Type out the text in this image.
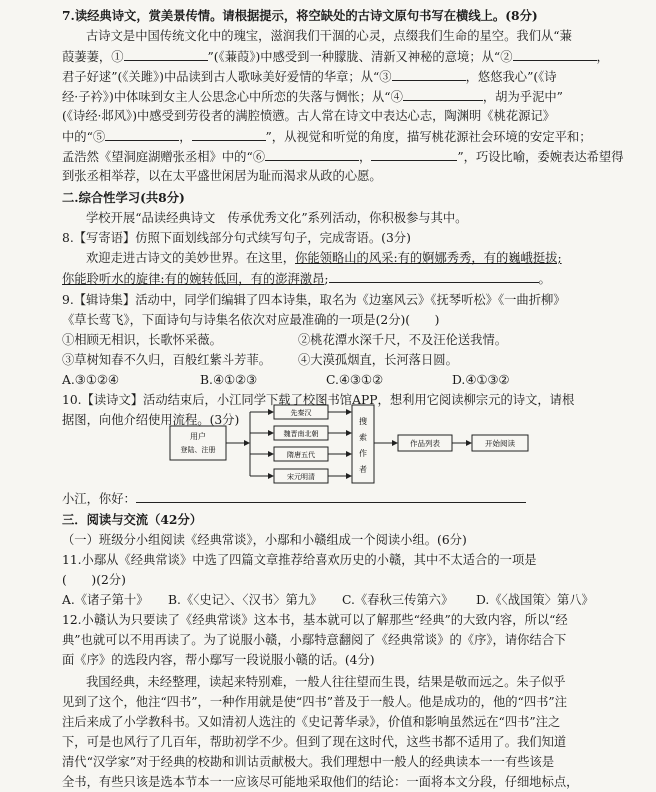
7.读经典诗文，赏美景传情。请根据提示，将空缺处的古诗文原句书写在横线上。(8分)
古诗文是中国传统文化中的瑰宝，滋润我们干涸的心灵，点缀我们生命的星空。我们从“蒹
葭萋萋，①	”(《蒹葭》)中感受到一种朦胧、清新又神秘的意境；从“②	，
君子好逑”(《关雎》)中品读到古人歌咏美好爱情的华章；从“③	，悠悠我心”(《诗
经·子衿》)中体味到女主人公思念心中所恋的失落与惆怅；从“④	，胡为乎泥中”
(《诗经·邶风》)中感受到劳役者的满腔愤懑。古人常在诗文中表达心志，陶渊明《桃花源记》
中的“⑤	，	”，从视觉和听觉的角度，描写桃花源社会环境的安定平和；
孟浩然《望洞庭湖赠张丞相》中的“⑥	，	”，巧设比喻，委婉表达希望得
到张丞相举荐，以在太平盛世闲居为耻而渴求从政的心愿。
二.综合性学习(共8分)
学校开展“品读经典诗文　传承优秀文化”系列活动，你积极参与其中。
8.【写寄语】仿照下面划线部分句式续写句子，完成寄语。(3分)
欢迎走进古诗文的美妙世界。在这里，你能领略山的风采:有的婀娜秀秀，有的巍峨挺拔;
你能聆听水的旋律:有的婉转低回，有的澎湃激昂;	。
9.【辑诗集】活动中，同学们编辑了四本诗集，取名为《边塞风云》《抚琴听松》《一曲折柳》
《草长莺飞》，下面诗句与诗集名依次对应最准确的一项是(2分)(　　)
①相顾无相识，长歌怀采薇。	②桃花潭水深千尺，不及汪伦送我情。
③草树知春不久归，百般红紫斗芳菲。 ④大漠孤烟直，长河落日圆。
A.③①②④	B.④①②③	C.④③①②	D.④①③②
10.【读诗文】活动结束后，小江同学下载了校图书馆APP，想利用它阅读柳宗元的诗文，请根
据图，向他介绍使用流程。(3分)
用户
登陆、注册
先秦汉
魏晋南北朝
隋唐五代
宋元明清
搜
索
作
者
作品列表	开始阅读
小江，你好：
三．阅读与交流（42分）
（一）班级分小组阅读《经典常谈》，小鄢和小赣组成一个阅读小组。(6分)
11.小鄢从《经典常谈》中选了四篇文章推荐给喜欢历史的小赣，其中不太适合的一项是
(　　)(2分)
A.《诸子第十》 B.《〈史记〉、〈汉书〉第九》 C.《春秋三传第六》 D.《〈战国策〉第八》
12.小赣认为只要读了《经典常谈》这本书，基本就可以了解那些“经典”的大致内容，所以“经
典”也就可以不用再读了。为了说服小赣，小鄢特意翻阅了《经典常谈》的《序》，请你结合下
面《序》的选段内容，帮小鄢写一段说服小赣的话。(4分)
我国经典，未经整理，读起来特别难，一般人往往望而生畏，结果是敬而远之。朱子似乎
见到了这个，他注“四书”，一种作用就是使“四书”普及于一般人。他是成功的，他的“四书”注
注后来成了小学教科书。又如清初人选注的《史记菁华录》，价值和影响虽然远在“四书”注之
下，可是也风行了几百年，帮助初学不少。但到了现在这时代，这些书都不适用了。我们知道
清代“汉学家”对于经典的校勘和训诂贡献极大。我们理想中一般人的经典读本一一有些该是
全书，有些只该是选本节本一一应该尽可能地采取他们的结论：一面将本文分段，仔细地标点，
